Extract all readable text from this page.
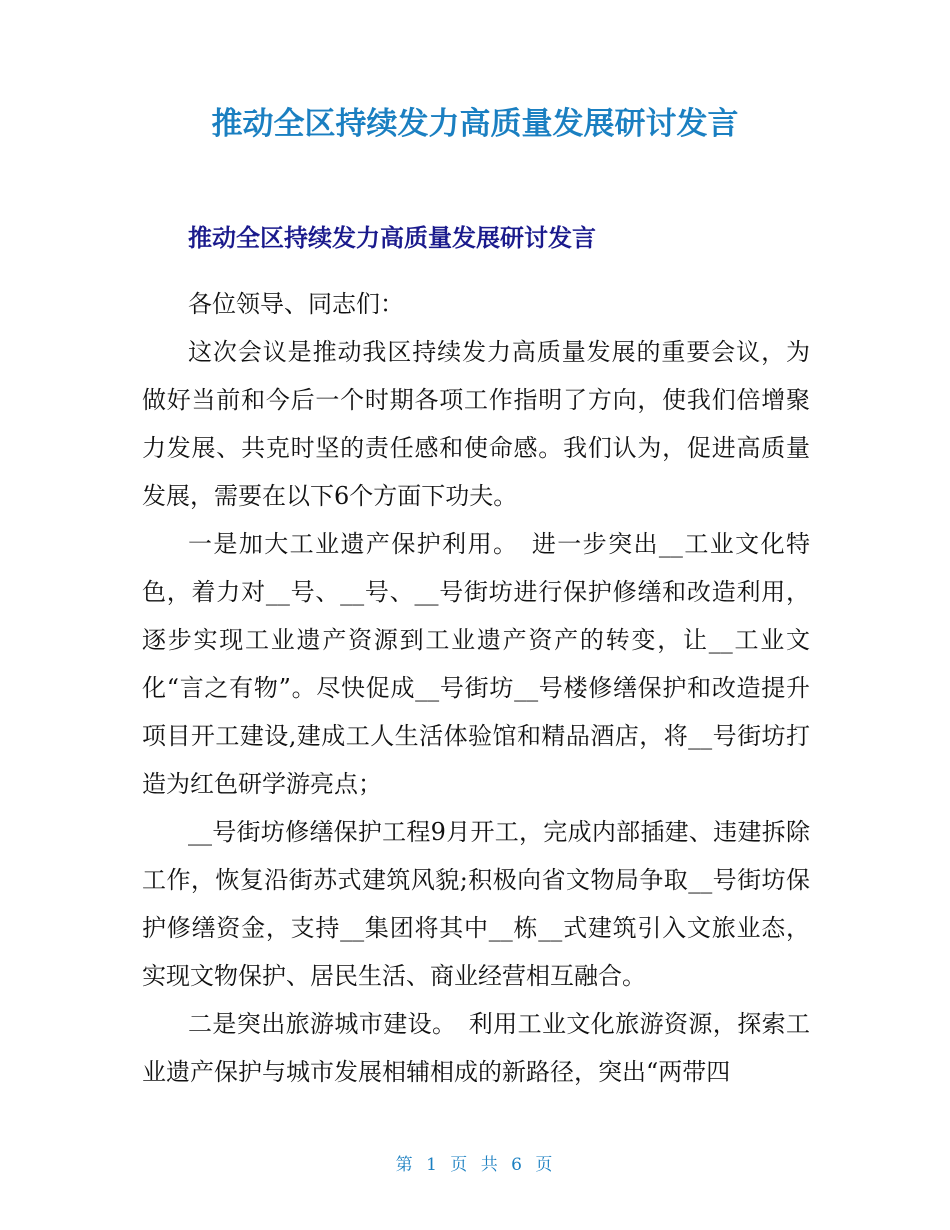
推动全区持续发力高质量发展研讨发言
推动全区持续发力高质量发展研讨发言

各位领导、同志们：

这次会议是推动我区持续发力高质量发展的重要会议，为做好当前和今后一个时期各项工作指明了方向，使我们倍增聚力发展、共克时坚的责任感和使命感。我们认为，促进高质量发展，需要在以下6个方面下功夫。

一是加大工业遗产保护利用。　进一步突出__工业文化特色，着力对__号、__号、__号街坊进行保护修缮和改造利用，逐步实现工业遗产资源到工业遗产资产的转变，让__工业文化“言之有物”。尽快促成__号街坊__号楼修缮保护和改造提升项目开工建设,建成工人生活体验馆和精品酒店，将__号街坊打造为红色研学游亮点；

__号街坊修缮保护工程9月开工，完成内部插建、违建拆除工作，恢复沿街苏式建筑风貌;积极向省文物局争取__号街坊保护修缮资金，支持__集团将其中__栋__式建筑引入文旅业态，实现文物保护、居民生活、商业经营相互融合。

二是突出旅游城市建设。　利用工业文化旅游资源，探索工业遗产保护与城市发展相辅相成的新路径，突出“两带四

第 1 页 共 6 页
